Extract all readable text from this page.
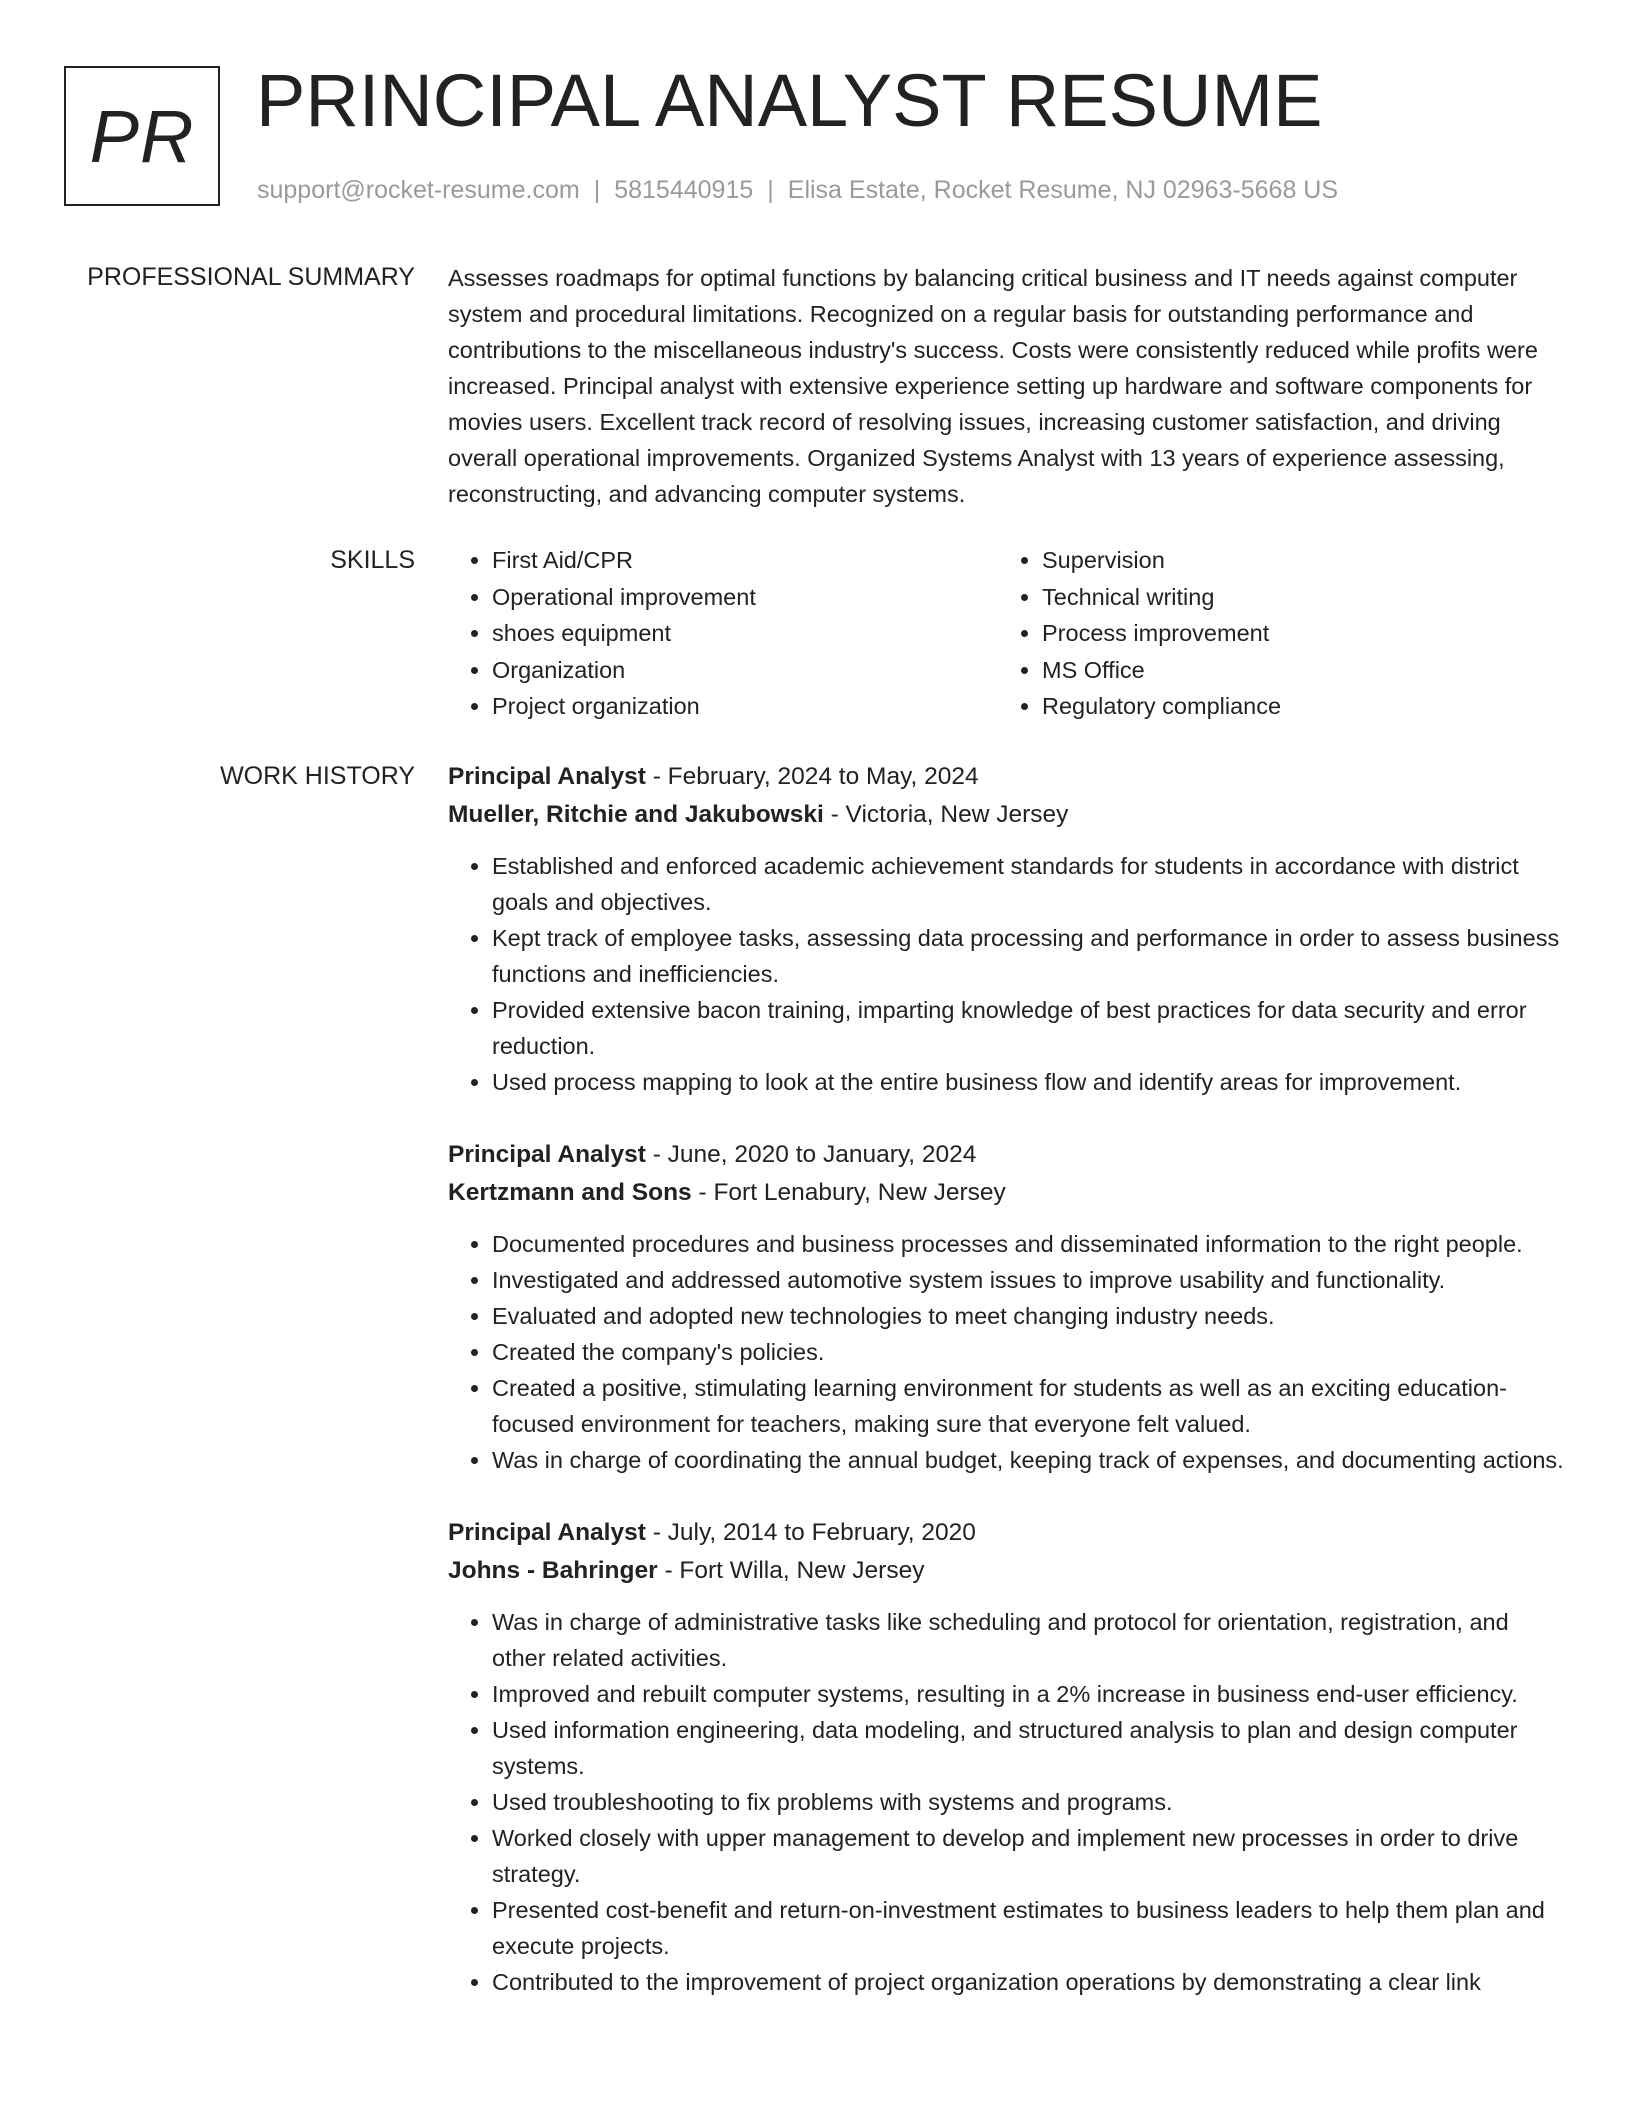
PR PRINCIPAL ANALYST RESUME
support@rocket-resume.com | 5815440915 | Elisa Estate, Rocket Resume, NJ 02963-5668 US
PROFESSIONAL SUMMARY Assesses roadmaps for optimal functions by balancing critical business and IT needs against computer system and procedural limitations. Recognized on a regular basis for outstanding performance and contributions to the miscellaneous industry's success. Costs were consistently reduced while profits were increased. Principal analyst with extensive experience setting up hardware and software components for movies users. Excellent track record of resolving issues, increasing customer satisfaction, and driving overall operational improvements. Organized Systems Analyst with 13 years of experience assessing, reconstructing, and advancing computer systems.

SKILLS
•	First Aid/CPR
• Operational improvement
• shoes equipment
• Organization
• Project organization
• Supervision
• Technical writing
• Process improvement
• MS Office
• Regulatory compliance
WORK HISTORY Principal Analyst - February, 2024 to May, 2024
Mueller, Ritchie and Jakubowski - Victoria, New Jersey
• Established and enforced academic achievement standards for students in accordance with district goals and objectives.
• Kept track of employee tasks, assessing data processing and performance in order to assess business functions and inefficiencies.
• Provided extensive bacon training, imparting knowledge of best practices for data security and error reduction.
• Used process mapping to look at the entire business flow and identify areas for improvement.
Principal Analyst - June, 2020 to January, 2024
Kertzmann and Sons - Fort Lenabury, New Jersey
• Documented procedures and business processes and disseminated information to the right people.
• Investigated and addressed automotive system issues to improve usability and functionality.
• Evaluated and adopted new technologies to meet changing industry needs.
• Created the company's policies.
• Created a positive, stimulating learning environment for students as well as an exciting education-focused environment for teachers, making sure that everyone felt valued.
• Was in charge of coordinating the annual budget, keeping track of expenses, and documenting actions.
Principal Analyst - July, 2014 to February, 2020
Johns - Bahringer - Fort Willa, New Jersey
• Was in charge of administrative tasks like scheduling and protocol for orientation, registration, and other related activities.
• Improved and rebuilt computer systems, resulting in a 2% increase in business end-user efficiency.
• Used information engineering, data modeling, and structured analysis to plan and design computer systems.
• Used troubleshooting to fix problems with systems and programs.
• Worked closely with upper management to develop and implement new processes in order to drive strategy.
• Presented cost-benefit and return-on-investment estimates to business leaders to help them plan and execute projects.
• Contributed to the improvement of project organization operations by demonstrating a clear link
